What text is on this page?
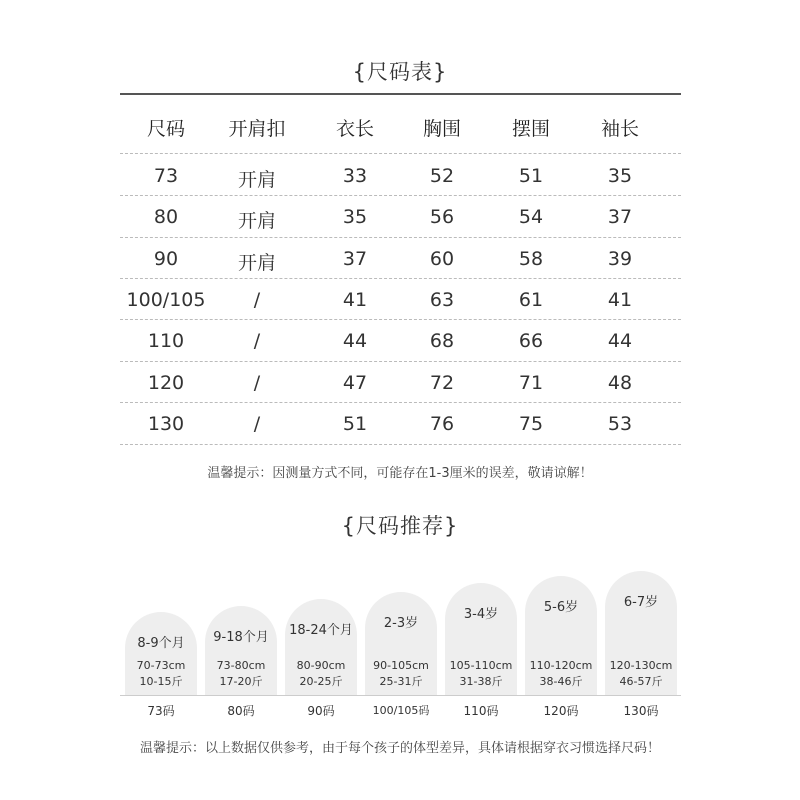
{尺码表}
尺码 开肩扣	衣长	胸围	摆围	袖长
73	开肩	33	52	51	35
80	开肩	35	56	54	37
90	开肩	37	60	58	39
100/105	/	41	63	61	41
110	/	44	68	66	44
120	/	47	72	71	48
130	/	51	76	75	53
温馨提示：因测量方式不同，可能存在1-3厘米的误差，敬请谅解！
{尺码推荐}
8-9个月
70-73cm
10-15斤
73码
9-18个月
73-80cm
17-20斤
80码
18-24个月
80-90cm
20-25斤
90码
2-3岁
90-105cm
25-31斤
100/105码
3-4岁
105-110cm
31-38斤
110码
5-6岁
110-120cm
38-46斤
120码
6-7岁
120-130cm
46-57斤
130码
温馨提示：以上数据仅供参考，由于每个孩子的体型差异，具体请根据穿衣习惯选择尺码！
